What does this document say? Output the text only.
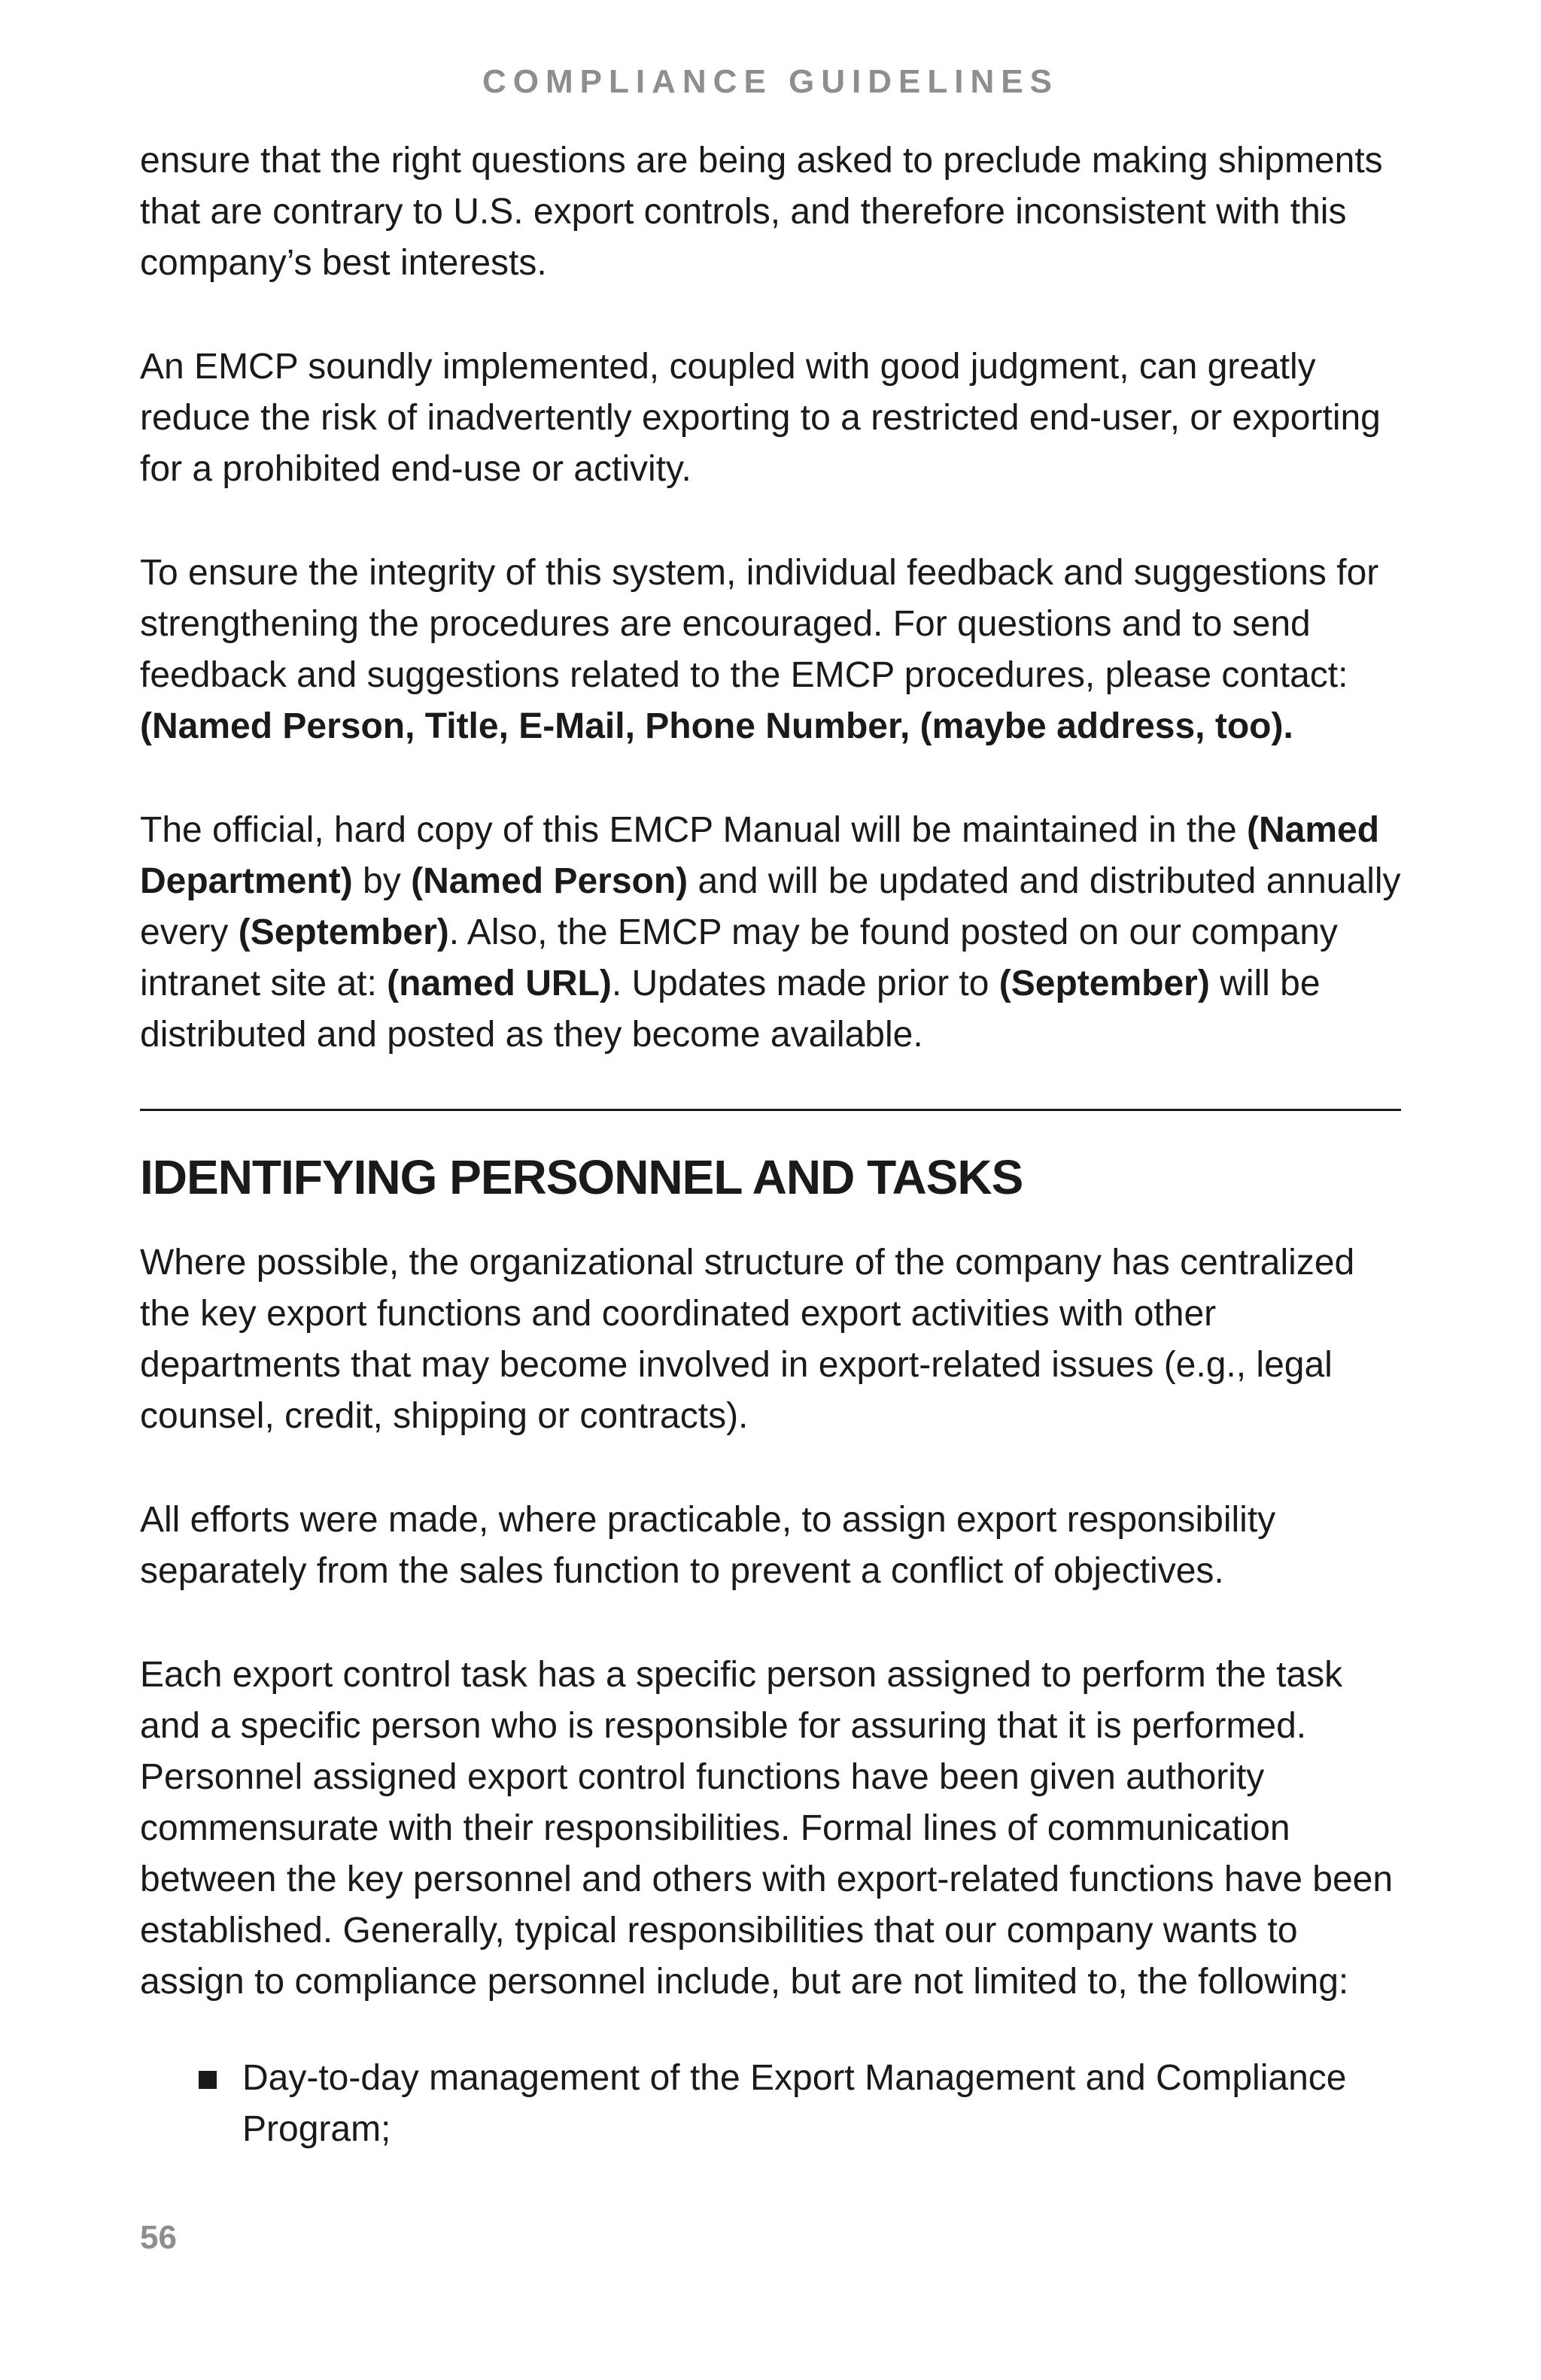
COMPLIANCE GUIDELINES

ensure that the right questions are being asked to preclude making shipments that are contrary to U.S. export controls, and therefore inconsistent with this company’s best interests.

An EMCP soundly implemented, coupled with good judgment, can greatly reduce the risk of inadvertently exporting to a restricted end-user, or exporting for a prohibited end-use or activity.

To ensure the integrity of this system, individual feedback and suggestions for strengthening the procedures are encouraged. For questions and to send feedback and suggestions related to the EMCP procedures, please contact: (Named Person, Title, E-Mail, Phone Number, (maybe address, too).

The official, hard copy of this EMCP Manual will be maintained in the (Named Department) by (Named Person) and will be updated and distributed annually every (September). Also, the EMCP may be found posted on our company intranet site at: (named URL). Updates made prior to (September) will be distributed and posted as they become available.

IDENTIFYING PERSONNEL AND TASKS

Where possible, the organizational structure of the company has centralized the key export functions and coordinated export activities with other departments that may become involved in export-related issues (e.g., legal counsel, credit, shipping or contracts).

All efforts were made, where practicable, to assign export responsibility separately from the sales function to prevent a conflict of objectives.

Each export control task has a specific person assigned to perform the task and a specific person who is responsible for assuring that it is performed. Personnel assigned export control functions have been given authority commensurate with their responsibilities. Formal lines of communication between the key personnel and others with export-related functions have been established. Generally, typical responsibilities that our company wants to assign to compliance personnel include, but are not limited to, the following:

Day-to-day management of the Export Management and Compliance Program;
56
